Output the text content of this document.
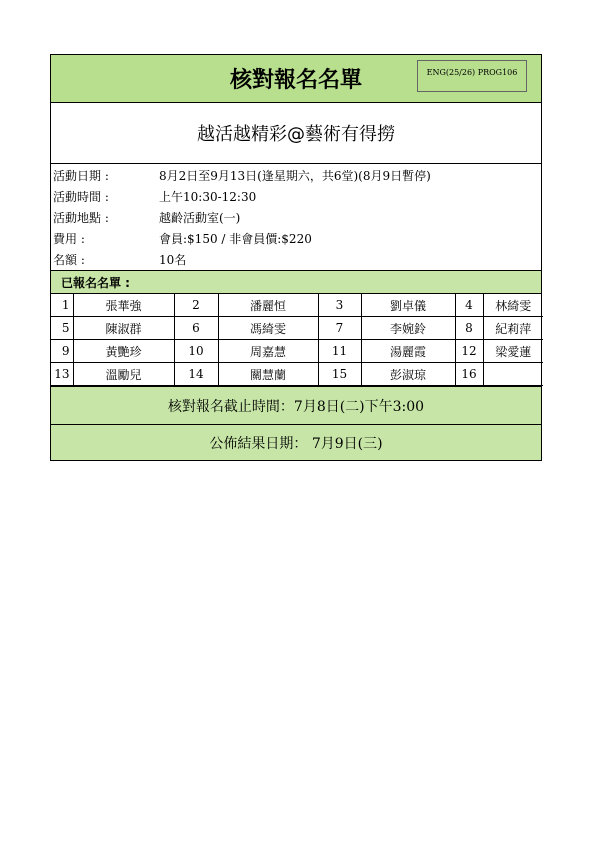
核對報名名單	ENG(25/26) PROG106
越活越精彩@藝術有得撈
活動日期 :	8月2日至9月13日(逢星期六，共6堂)(8月9日暫停)
活動時間 :	上午10:30-12:30
活動地點 :	越齡活動室(一)
費用 :	會員:$150 / 非會員價:$220
名額 :	10名
已報名名單 :
1	張華強	2	潘麗恒	3	劉卓儀	4	林綺雯
5	陳淑群	6	馮綺雯	7	李婉鈴	8	紀莉萍
9	黃艷珍	10	周嘉慧	11	湯麗霞	12	梁愛蓮
13	溫勵兒	14	關慧蘭	15	彭淑琼	16	
核對報名截止時間：7月8日(二)下午3:00
公佈結果日期： 7月9日(三)
